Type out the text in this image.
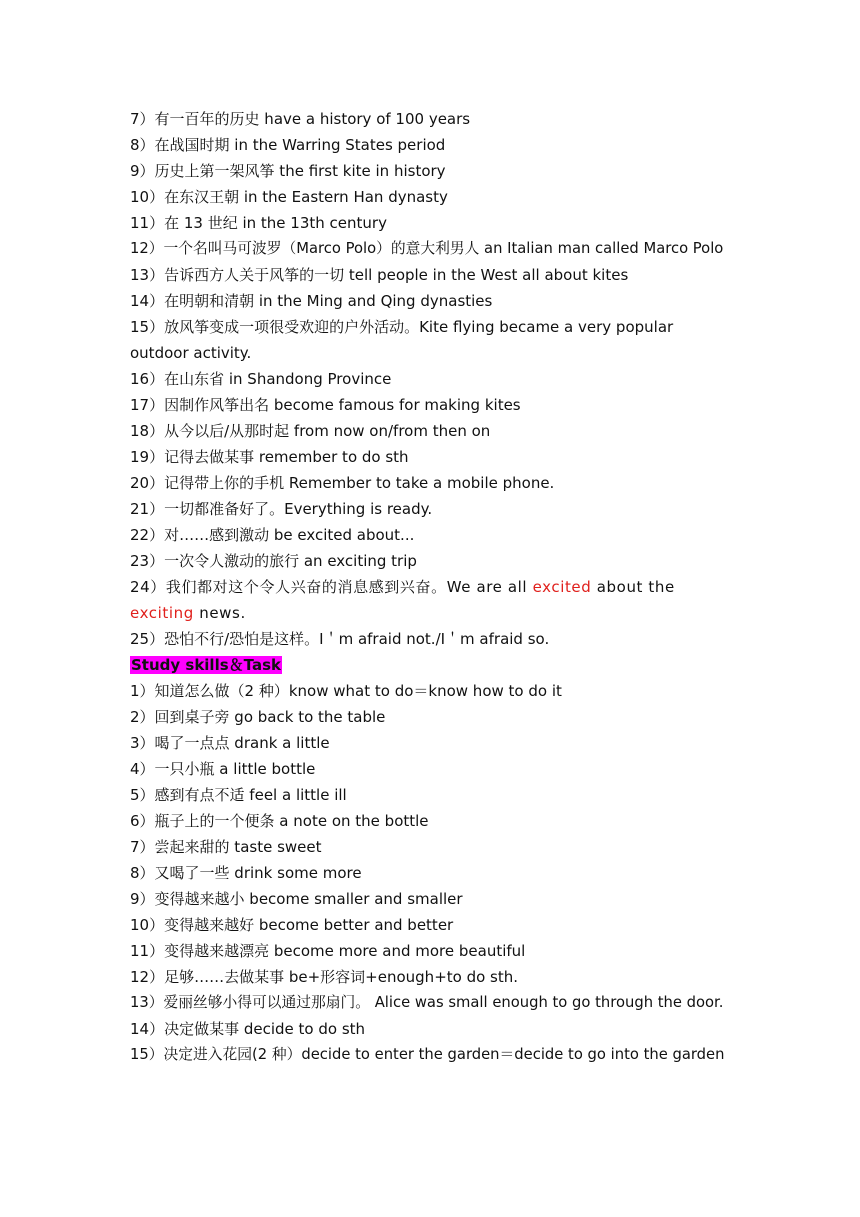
7）有一百年的历史 have a history of 100 years
8）在战国时期 in the Warring States period
9）历史上第一架风筝 the first kite in history
10）在东汉王朝 in the Eastern Han dynasty
11）在 13 世纪 in the 13th century
12）一个名叫马可波罗（Marco Polo）的意大利男人 an Italian man called Marco Polo
13）告诉西方人关于风筝的一切 tell people in the West all about kites
14）在明朝和清朝 in the Ming and Qing dynasties
15）放风筝变成一项很受欢迎的户外活动。Kite flying became a very popular outdoor activity.
16）在山东省 in Shandong Province
17）因制作风筝出名 become famous for making kites
18）从今以后/从那时起 from now on/from then on
19）记得去做某事 remember to do sth
20）记得带上你的手机 Remember to take a mobile phone.
21）一切都准备好了。Everything is ready.
22）对……感到激动 be excited about...
23）一次令人激动的旅行 an exciting trip
24）我们都对这个令人兴奋的消息感到兴奋。We are all excited about the exciting news.
25）恐怕不行/恐怕是这样。I＇m afraid not./I＇m afraid so.
Study skills＆Task
1）知道怎么做（2 种）know what to do＝know how to do it
2）回到桌子旁 go back to the table
3）喝了一点点 drank a little
4）一只小瓶 a little bottle
5）感到有点不适 feel a little ill
6）瓶子上的一个便条 a note on the bottle
7）尝起来甜的 taste sweet
8）又喝了一些 drink some more
9）变得越来越小 become smaller and smaller
10）变得越来越好 become better and better
11）变得越来越漂亮 become more and more beautiful
12）足够……去做某事 be+形容词+enough+to do sth.
13）爱丽丝够小得可以通过那扇门。 Alice was small enough to go through the door.
14）决定做某事 decide to do sth
15）决定进入花园(2 种）decide to enter the garden＝decide to go into the garden
